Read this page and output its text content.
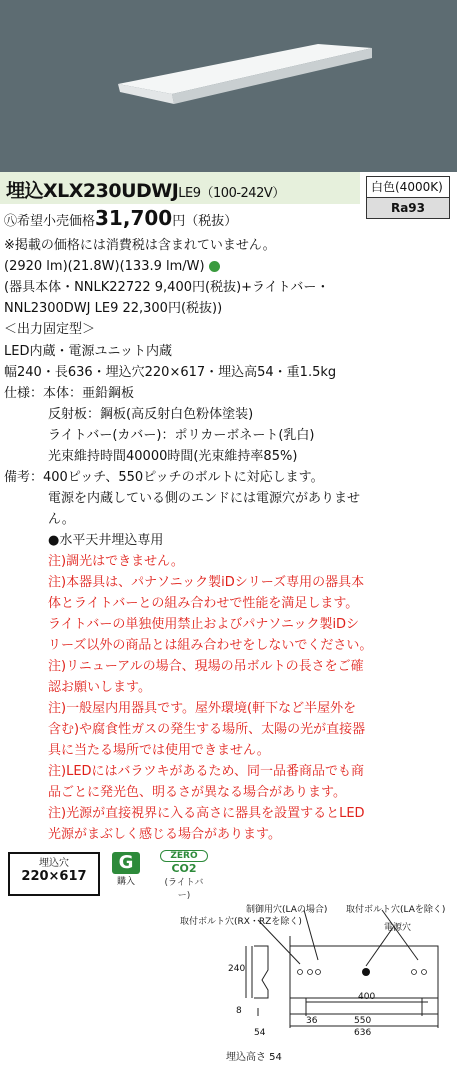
埋込XLX230UDWJLE9（100-242V）	白色(4000K)
Ra93
㊇希望小売価格31,700円（税抜）
※掲載の価格には消費税は含まれていません。
(2920 lm)(21.8W)(133.9 lm/W)
(器具本体・NNLK22722 9,400円(税抜)+ライトバー・
NNL2300DWJ LE9 22,300円(税抜))
＜出力固定型＞
LED内蔵・電源ユニット内蔵
幅240・長636・埋込穴220×617・埋込高54・重1.5kg
仕様：本体：亜鉛鋼板
反射板：鋼板(高反射白色粉体塗装)
ライトバー(カバー)：ポリカーボネート(乳白)
光束維持時間40000時間(光束維持率85%)
備考：400ピッチ、550ピッチのボルトに対応します。
電源を内蔵している側のエンドには電源穴がありませ
ん。
●水平天井埋込専用
注)調光はできません。
注)本器具は、パナソニック製iDシリーズ専用の器具本
体とライトバーとの組み合わせで性能を満足します。
ライトバーの単独使用禁止およびパナソニック製iDシ
リーズ以外の商品とは組み合わせをしないでください。
注)リニューアルの場合、現場の吊ボルトの長さをご確
認お願いします。
注)一般屋内用器具です。屋外環境(軒下など半屋外を
含む)や腐食性ガスの発生する場所、太陽の光が直接器
具に当たる場所では使用できません。
注)LEDにはバラツキがあるため、同一品番商品でも商
品ごとに発光色、明るさが異なる場合があります。
注)光源が直接視界に入る高さに器具を設置するとLED
光源がまぶしく感じる場合があります。
埋込穴
220×617
G
購入
ZERO
CO2
(ライトバー)
制御用穴(LAの場合) 取付ボルト穴(LAを除く)
取付ボルト穴(RX・RZを除く)
電源穴
240
8
54
400
36	550
636
埋込高さ 54
